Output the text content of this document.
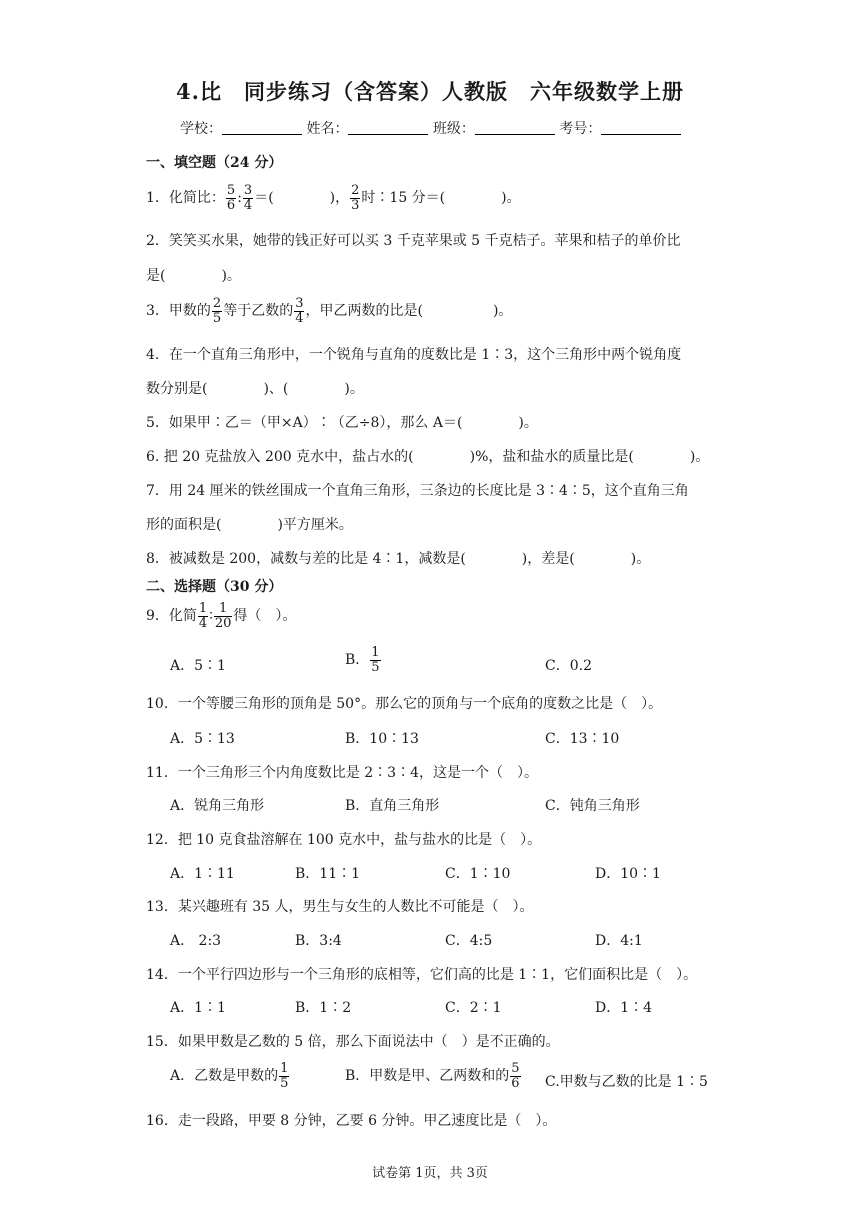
4.比　同步练习（含答案）人教版　六年级数学上册
学校：	姓名：	班级：	考号：
一、填空题（24 分）
1．化简比： $\frac{5}{6}$ : $\frac{3}{4}$ ＝(　　　　)， $\frac{2}{3}$ 时∶15 分＝(　　　　)。
2．笑笑买水果，她带的钱正好可以买 3 千克苹果或 5 千克桔子。苹果和桔子的单价比
是(　　　　)。
3．甲数的 $\frac{2}{5}$ 等于乙数的 $\frac{3}{4}$ ，甲乙两数的比是(　　　　　)。
4．在一个直角三角形中，一个锐角与直角的度数比是 1∶3，这个三角形中两个锐角度
数分别是(　　　　)、(　　　　)。
5．如果甲∶乙＝（甲×A）∶（乙÷8），那么 A＝(　　　　)。
6. 把 20 克盐放入 200 克水中，盐占水的(　　　　)%，盐和盐水的质量比是(　　　　)。
7．用 24 厘米的铁丝围成一个直角三角形，三条边的长度比是 3∶4∶5，这个直角三角
形的面积是(　　　　)平方厘米。
8．被减数是 200，减数与差的比是 4∶1，减数是(　　　　)，差是(　　　　)。
二、选择题（30 分）
9．化简 $\frac{1}{4}$ ∶ $\frac{1}{20}$ 得（　）。
A．5∶1	B． $\frac{1}{5}$	C．0.2
10．一个等腰三角形的顶角是 50°。那么它的顶角与一个底角的度数之比是（　）。
A．5∶13	B．10∶13	C．13∶10
11．一个三角形三个内角度数比是 2∶3∶4，这是一个（　）。
A．锐角三角形	B．直角三角形	C．钝角三角形
12．把 10 克食盐溶解在 100 克水中，盐与盐水的比是（　）。
A．1∶11	B．11∶1	C．1∶10	D．10∶1
13．某兴趣班有 35 人，男生与女生的人数比不可能是（　）。
A． 2:3	B．3:4	C．4:5	D．4:1
14．一个平行四边形与一个三角形的底相等，它们高的比是 1∶1，它们面积比是（　）。
A．1∶1	B．1∶2	C．2∶1	D．1∶4
15．如果甲数是乙数的 5 倍，那么下面说法中（　）是不正确的。
A．乙数是甲数的 $\frac{1}{5}$	B．甲数是甲、乙两数和的 $\frac{5}{6} C$.甲数与乙数的比是 1∶5
16．走一段路，甲要 8 分钟，乙要 6 分钟。甲乙速度比是（　）。
试卷第 1页，共 3页
